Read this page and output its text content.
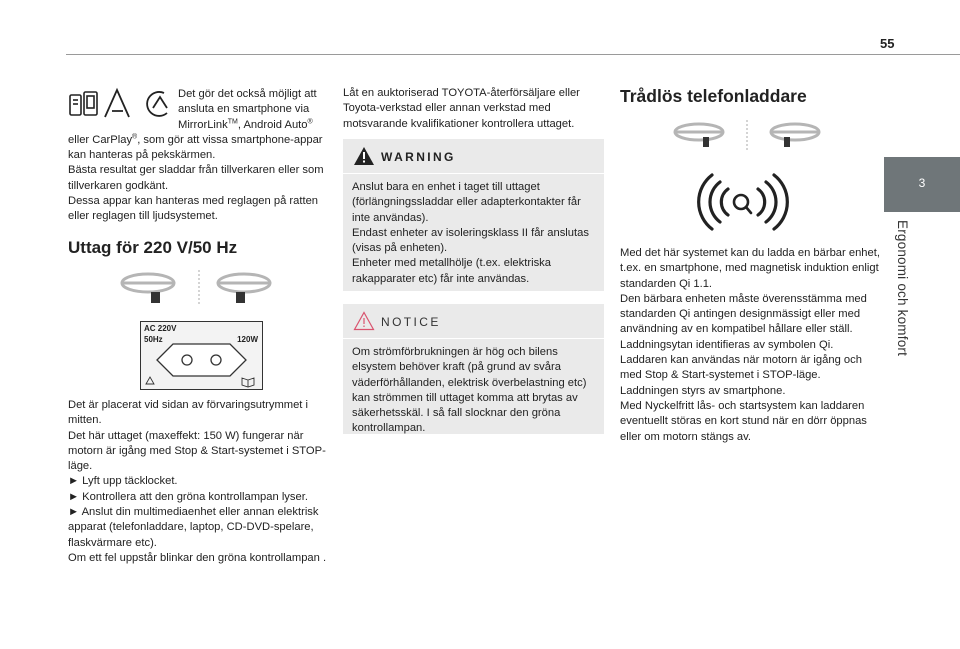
55
3
Ergonomi och komfort
Det gör det också möjligt att ansluta en smartphone via MirrorLink™, Android Auto® eller CarPlay®, som gör att vissa smartphone-appar kan hanteras på pekskärmen.
Bästa resultat ger sladdar från tillverkaren eller som tillverkaren godkänt.
Dessa appar kan hanteras med reglagen på ratten eller reglagen till ljudsystemet.
Uttag för 220 V/50 Hz
AC 220V
50Hz	120W

Det är placerat vid sidan av förvaringsutrymmet i mitten.

Det här uttaget (maxeffekt: 150 W) fungerar när motorn är igång med Stop & Start-systemet i STOP-läge.

► Lyft upp täcklocket.

► Kontrollera att den gröna kontrollampan lyser.

► Anslut din multimediaenhet eller annan elektrisk apparat (telefonladdare, laptop, CD-DVD-spelare, flaskvärmare etc).

Om ett fel uppstår blinkar den gröna kontrollampan .

Låt en auktoriserad TOYOTA-återförsäljare eller Toyota-verkstad eller annan verkstad med motsvarande kvalifikationer kontrollera uttaget.
WARNING

Anslut bara en enhet i taget till uttaget (förlängningssladdar eller adapterkontakter får inte användas).

Endast enheter av isoleringsklass II får anslutas (visas på enheten).

Enheter med metallhölje (t.ex. elektriska rakapparater etc) får inte användas.

NOTICE
Om strömförbrukningen är hög och bilens elsystem behöver kraft (på grund av svåra väderförhållanden, elektrisk överbelastning etc) kan strömmen till uttaget komma att brytas av säkerhetsskäl. I så fall slocknar den gröna kontrollampan.
Trådlös telefonladdare

Med det här systemet kan du ladda en bärbar enhet, t.ex. en smartphone, med magnetisk induktion enligt standarden Qi 1.1.

Den bärbara enheten måste överensstämma med standarden Qi antingen designmässigt eller med användning av en kompatibel hållare eller ställ.

Laddningsytan identifieras av symbolen Qi.

Laddaren kan användas när motorn är igång och med Stop & Start-systemet i STOP-läge.

Laddningen styrs av smartphone.

Med Nyckelfritt lås- och startsystem kan laddaren eventuellt störas en kort stund när en dörr öppnas eller om motorn stängs av.
